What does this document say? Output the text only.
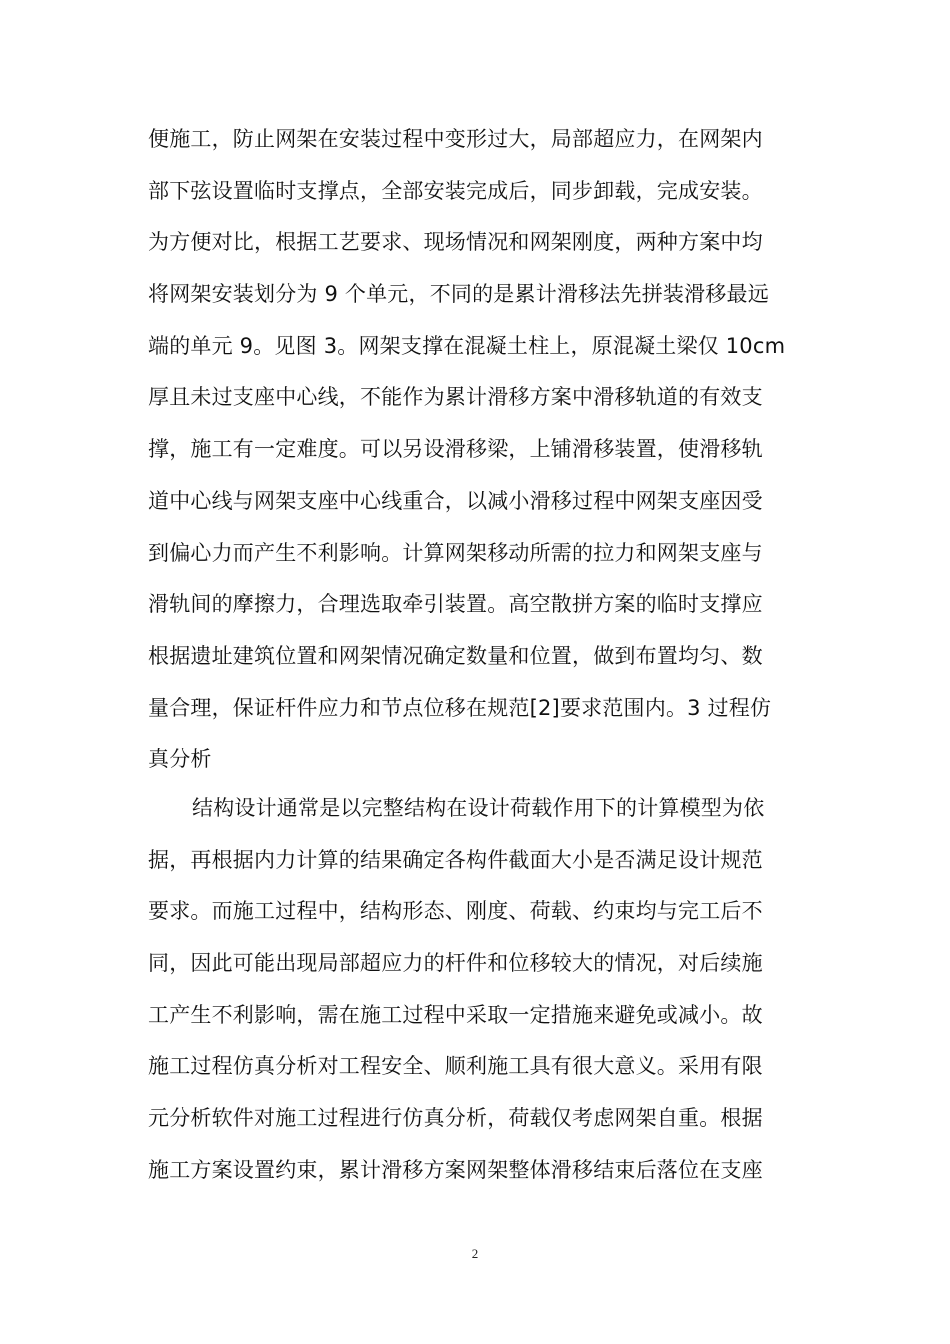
便施工，防止网架在安装过程中变形过大，局部超应力，在网架内
部下弦设置临时支撑点，全部安装完成后，同步卸载，完成安装。
为方便对比，根据工艺要求、现场情况和网架刚度，两种方案中均
将网架安装划分为 9 个单元，不同的是累计滑移法先拼装滑移最远
端的单元 9。见图 3。网架支撑在混凝土柱上，原混凝土梁仅 10cm
厚且未过支座中心线，不能作为累计滑移方案中滑移轨道的有效支
撑，施工有一定难度。可以另设滑移梁，上铺滑移装置，使滑移轨
道中心线与网架支座中心线重合，以减小滑移过程中网架支座因受
到偏心力而产生不利影响。计算网架移动所需的拉力和网架支座与
滑轨间的摩擦力，合理选取牵引装置。高空散拼方案的临时支撑应
根据遗址建筑位置和网架情况确定数量和位置，做到布置均匀、数
量合理，保证杆件应力和节点位移在规范[2]要求范围内。3 过程仿
真分析
结构设计通常是以完整结构在设计荷载作用下的计算模型为依
据，再根据内力计算的结果确定各构件截面大小是否满足设计规范
要求。而施工过程中，结构形态、刚度、荷载、约束均与完工后不
同，因此可能出现局部超应力的杆件和位移较大的情况，对后续施
工产生不利影响，需在施工过程中采取一定措施来避免或减小。故
施工过程仿真分析对工程安全、顺利施工具有很大意义。采用有限
元分析软件对施工过程进行仿真分析，荷载仅考虑网架自重。根据
施工方案设置约束，累计滑移方案网架整体滑移结束后落位在支座
2
